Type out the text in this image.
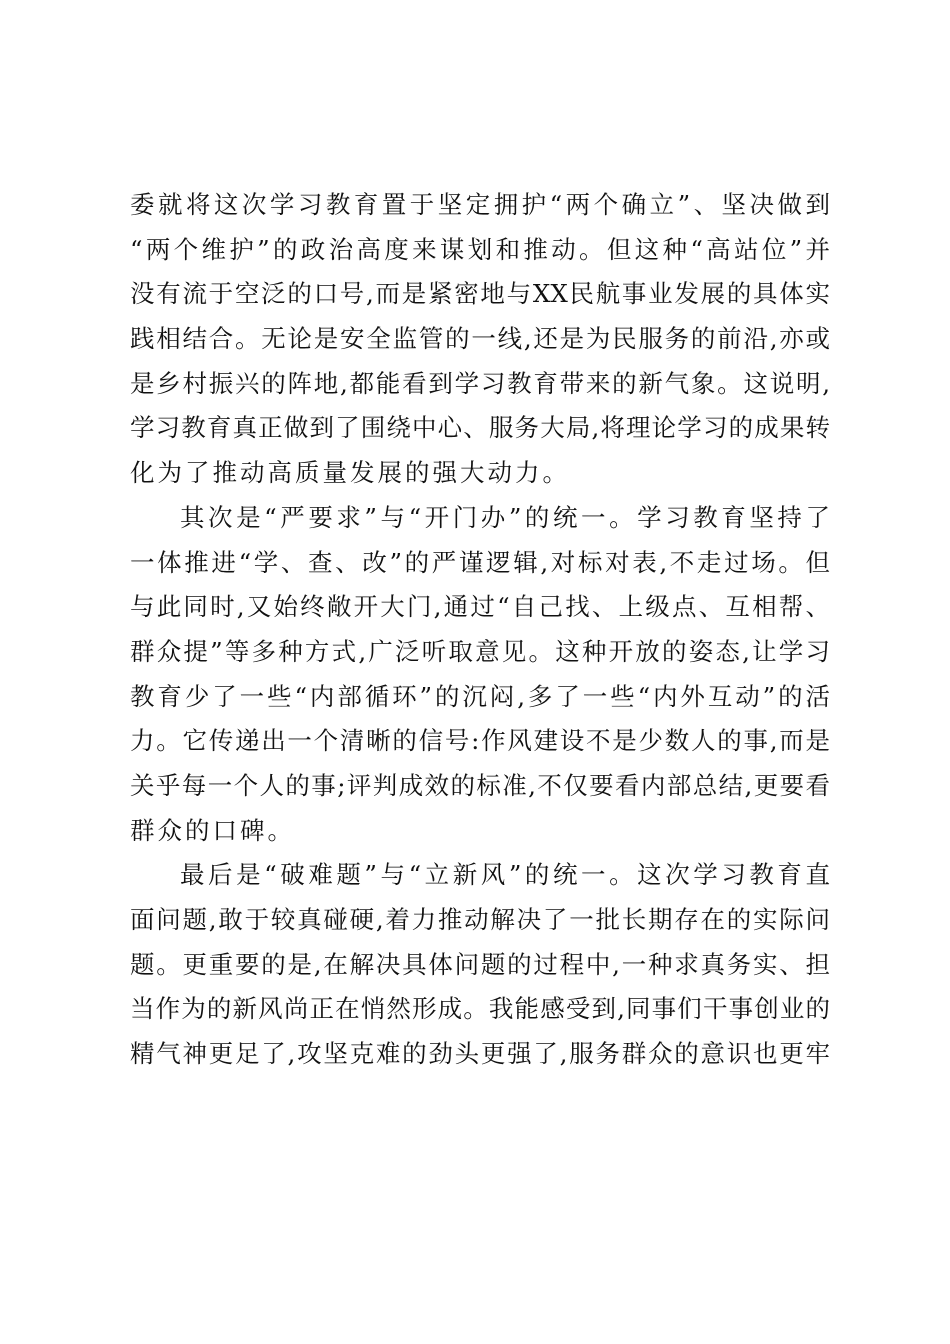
委就将这次学习教育置于坚定拥护“两个确立”、坚决做到
“两个维护”的政治高度来谋划和推动。但这种“高站位”并
没有流于空泛的口号,而是紧密地与XX民航事业发展的具体实
践相结合。无论是安全监管的一线,还是为民服务的前沿,亦或
是乡村振兴的阵地,都能看到学习教育带来的新气象。这说明,
学习教育真正做到了围绕中心、服务大局,将理论学习的成果转
化为了推动高质量发展的强大动力。
其次是“严要求”与“开门办”的统一。学习教育坚持了
一体推进“学、查、改”的严谨逻辑,对标对表,不走过场。但
与此同时,又始终敞开大门,通过“自己找、上级点、互相帮、
群众提”等多种方式,广泛听取意见。这种开放的姿态,让学习
教育少了一些“内部循环”的沉闷,多了一些“内外互动”的活
力。它传递出一个清晰的信号:作风建设不是少数人的事,而是
关乎每一个人的事;评判成效的标准,不仅要看内部总结,更要看
群众的口碑。
最后是“破难题”与“立新风”的统一。这次学习教育直
面问题,敢于较真碰硬,着力推动解决了一批长期存在的实际问
题。更重要的是,在解决具体问题的过程中,一种求真务实、担
当作为的新风尚正在悄然形成。我能感受到,同事们干事创业的
精气神更足了,攻坚克难的劲头更强了,服务群众的意识也更牢
